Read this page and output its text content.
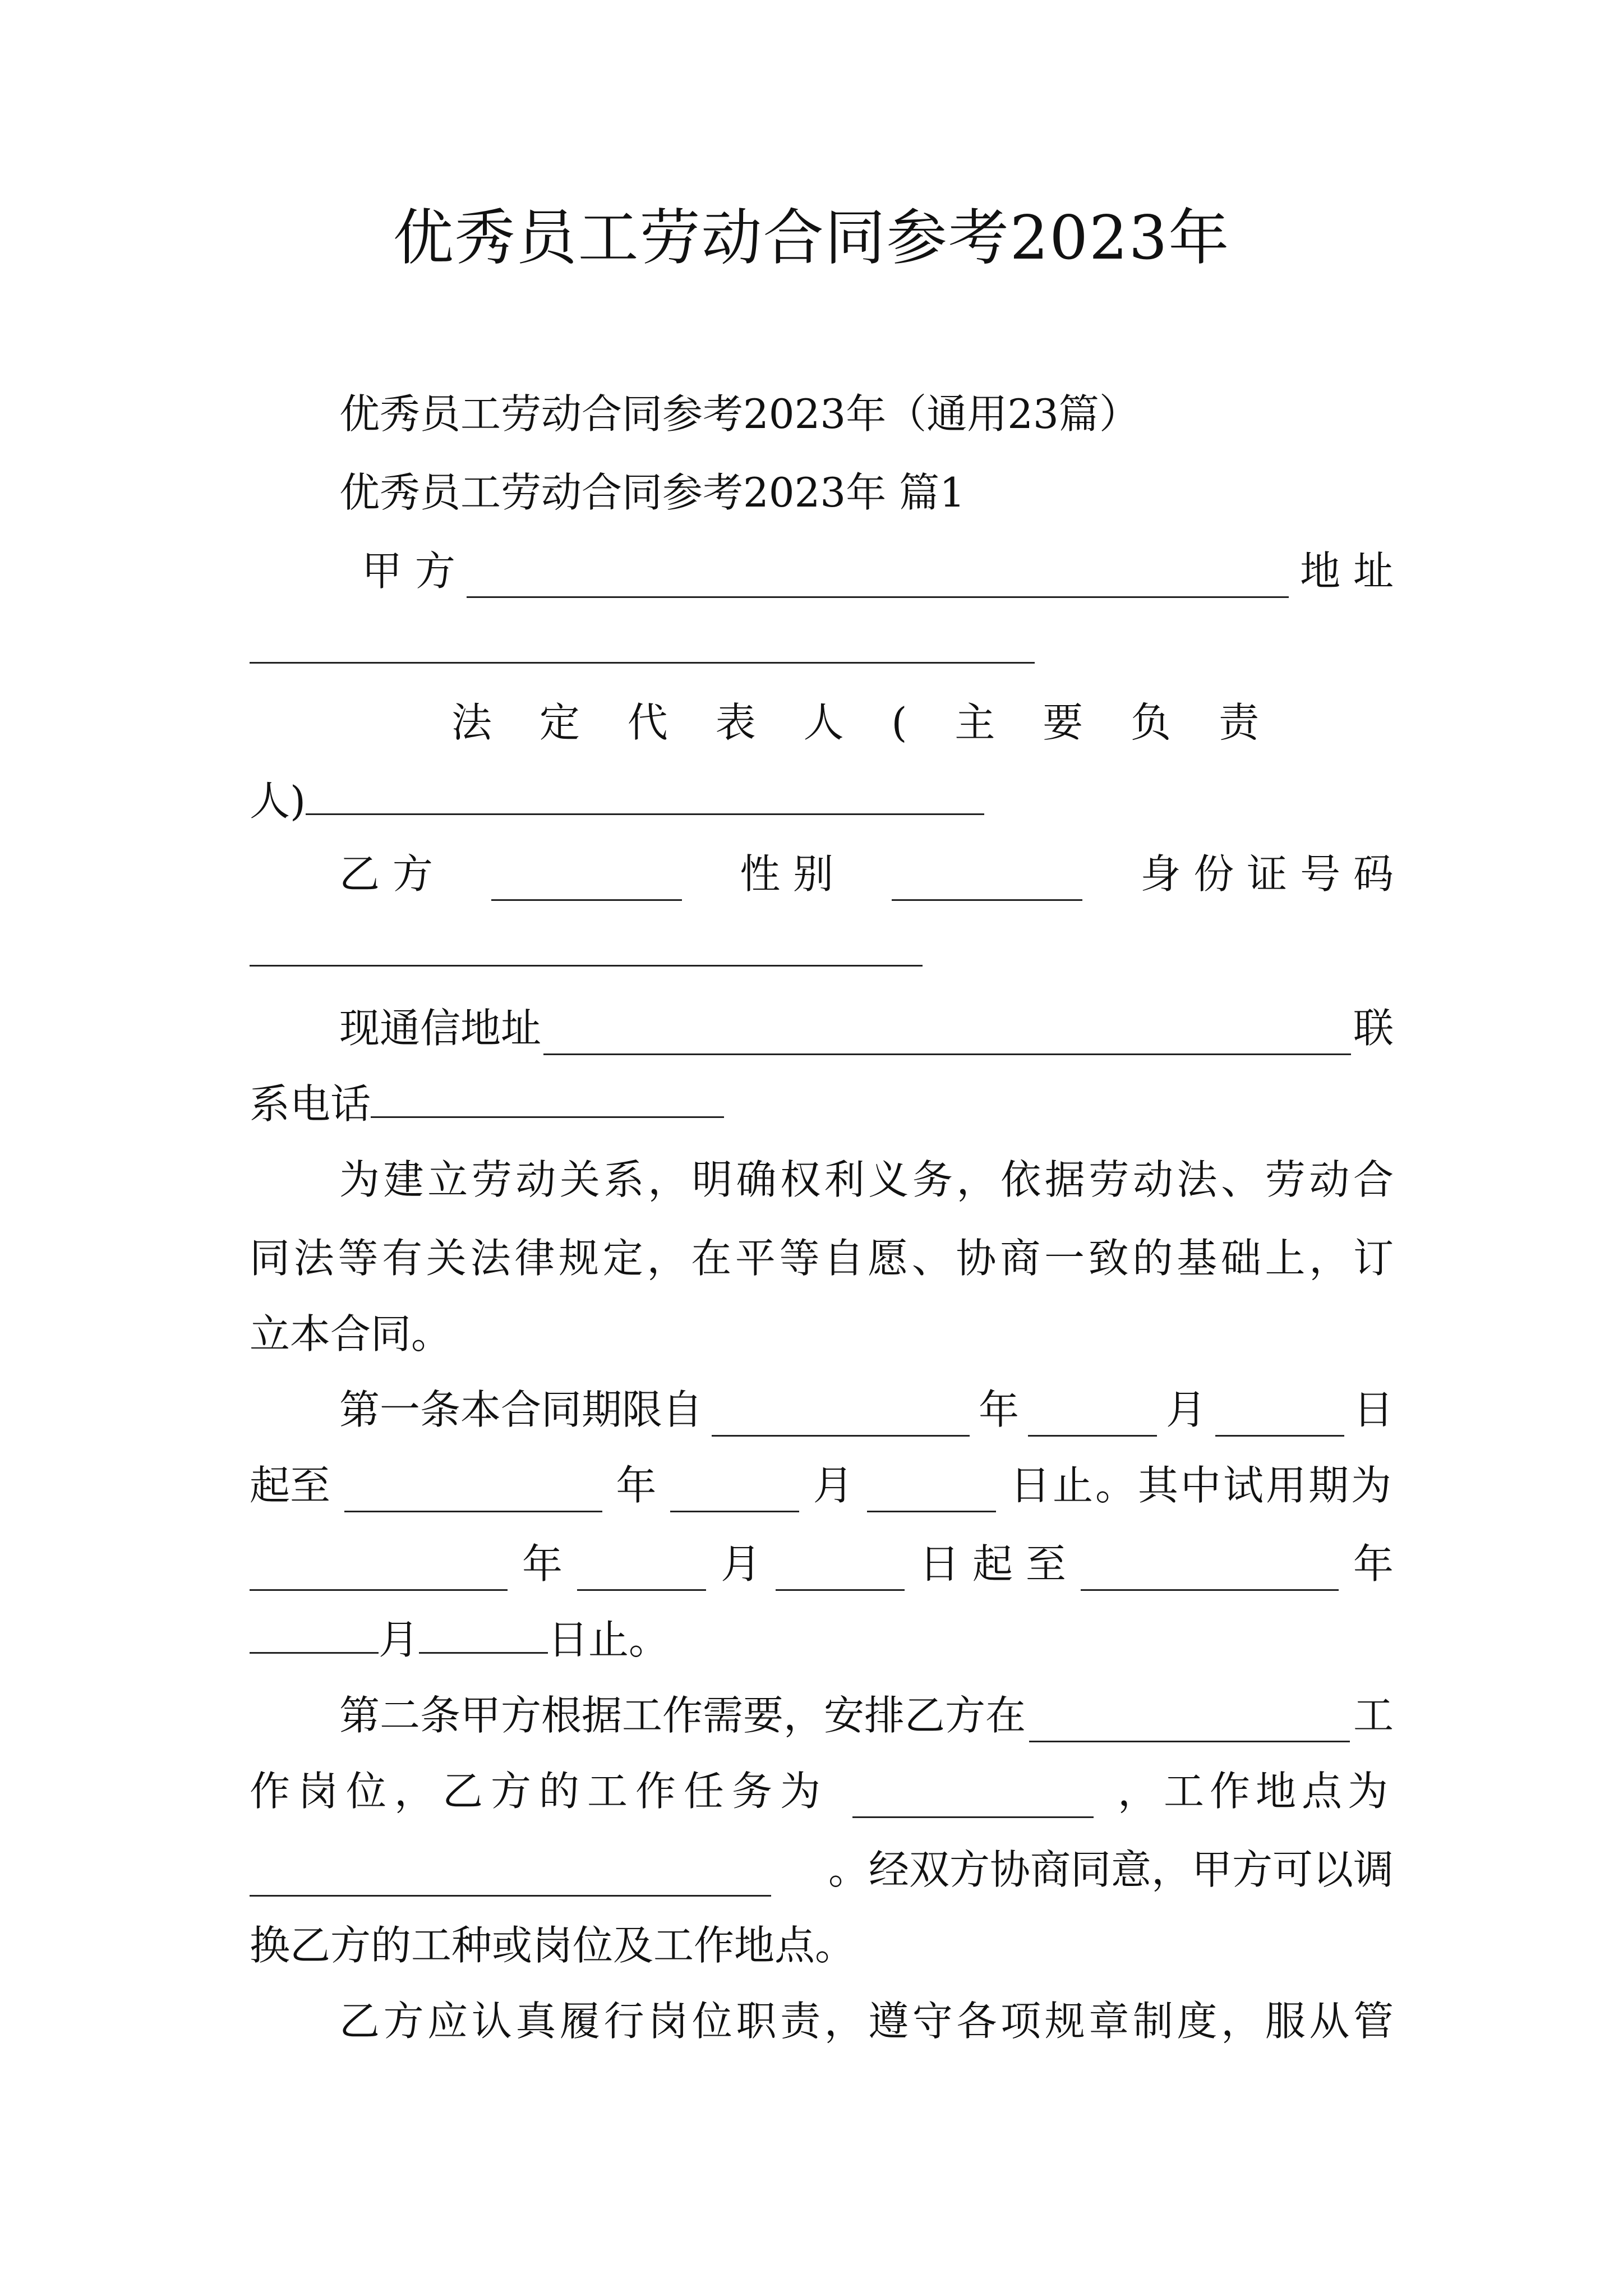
优秀员工劳动合同参考2023年
优秀员工劳动合同参考2023年（通用23篇）
优秀员工劳动合同参考2023年 篇1
甲 方	地 址
法 定 代 表 人 ( 主 要 负 责
人)
乙 方	性 别	身 份 证 号 码
现通信地址	联
系电话
为建立劳动关系，明确权利义务，依据劳动法、劳动合
同法等有关法律规定，在平等自愿、协商一致的基础上，订
立本合同。
第一条本合同期限自	年	月	日
起至	年	月	日止。其中试用期为
年	月	日 起 至	年
月	日止。
第二条甲方根据工作需要，安排乙方在	工
作岗位，乙方的工作任务为	，工作地点为
。经双方协商同意，甲方可以调
换乙方的工种或岗位及工作地点。
乙方应认真履行岗位职责，遵守各项规章制度，服从管
